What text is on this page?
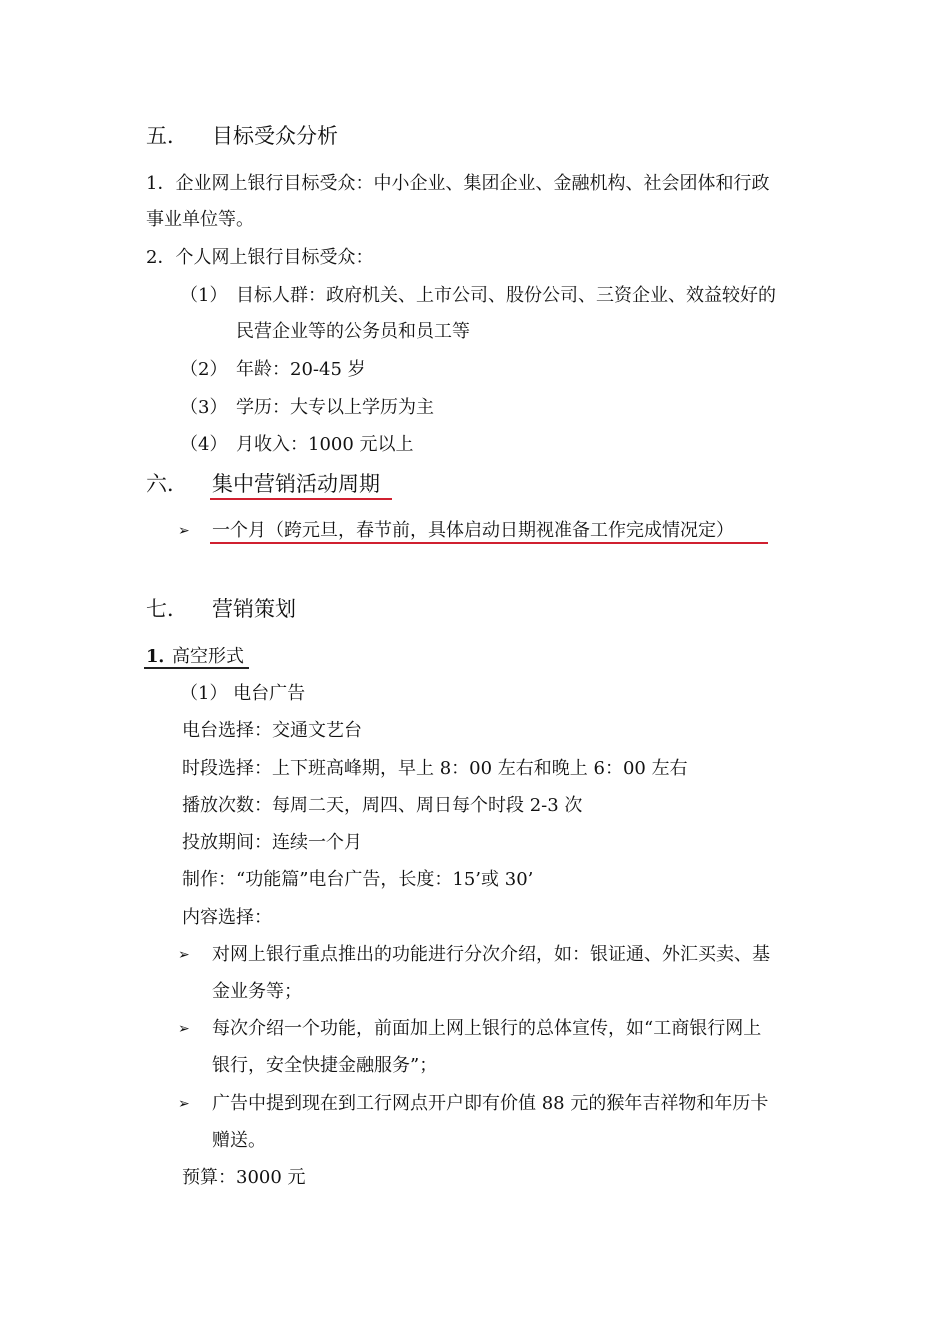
五． 目标受众分析
1．企业网上银行目标受众：中小企业、集团企业、金融机构、社会团体和行政
事业单位等。
2．个人网上银行目标受众：
（1） 目标人群：政府机关、上市公司、股份公司、三资企业、效益较好的
民营企业等的公务员和员工等
（2） 年龄：20-45 岁
（3） 学历：大专以上学历为主
（4） 月收入：1000 元以上
六． 集中营销活动周期
➢ 一个月（跨元旦，春节前，具体启动日期视准备工作完成情况定）
七． 营销策划
1．
高空形式
（1） 电台广告
电台选择：交通文艺台
时段选择：上下班高峰期，早上 8：00 左右和晚上 6：00 左右
播放次数：每周二天，周四、周日每个时段 2-3 次
投放期间：连续一个月
制作：“功能篇”电台广告，长度：15’或 30’
内容选择：
➢ 对网上银行重点推出的功能进行分次介绍，如：银证通、外汇买卖、基
金业务等；
➢ 每次介绍一个功能，前面加上网上银行的总体宣传，如“工商银行网上
银行，安全快捷金融服务”；
➢ 广告中提到现在到工行网点开户即有价值 88 元的猴年吉祥物和年历卡
赠送。
预算：3000 元
